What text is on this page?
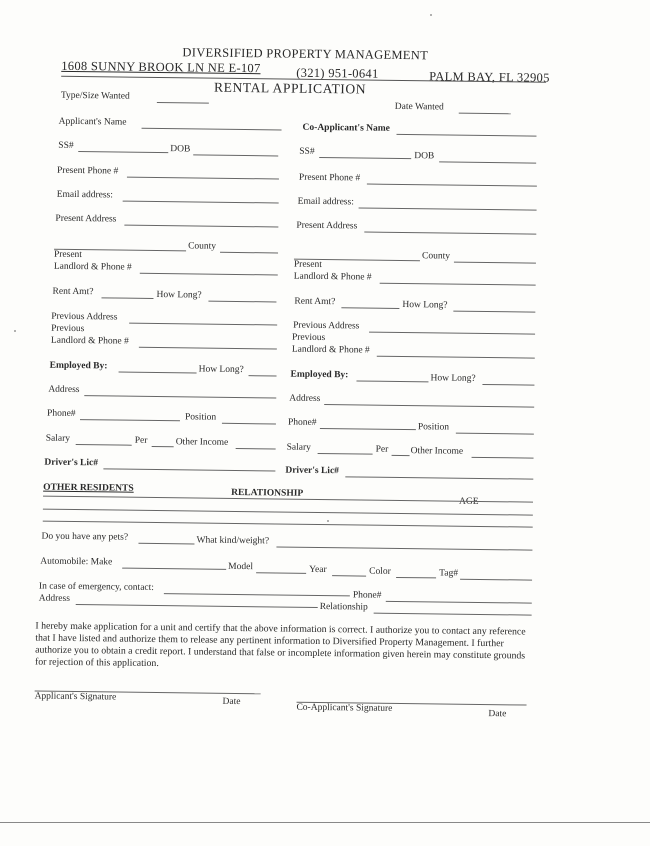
DIVERSIFIED PROPERTY MANAGEMENT
1608 SUNNY BROOK LN NE E-107	(321) 951-0641	PALM BAY, FL 32905
RENTAL APPLICATION
Type/Size Wanted
Date Wanted
Applicant's Name
SS#	DOB
Present Phone #
Email address:
Present Address
County
Present
Landlord & Phone #
Rent Amt?	How Long?
Previous Address
Previous
Landlord & Phone #
Employed By:	How Long?
Address
Phone#	Position
Salary	Per	Other Income
Driver's Lic#
Co-Applicant's Name
SS#	DOB
Present Phone #
Email address:
Present Address
County
Present
Landlord & Phone #
Rent Amt?	How Long?
Previous Address
Previous
Landlord & Phone #
Employed By:	How Long?
Address
Phone#	Position
Salary	Per Other Income
Driver's Lic#
OTHER RESIDENTS	RELATIONSHIP
AGE
Do you have any pets?	What kind/weight?
Automobile: Make	Model	Year	Color	Tag#
In case of emergency, contact:
Phone#
Address
Relationship
I hereby make application for a unit and certify that the above information is correct. I authorize you to contact any reference that I have listed and authorize them to release any pertinent information to Diversified Property Management. I further authorize you to obtain a credit report. I understand that false or incomplete information given herein may constitute grounds for rejection of this application.
Applicant's Signature	Date
Co-Applicant's Signature
Date
